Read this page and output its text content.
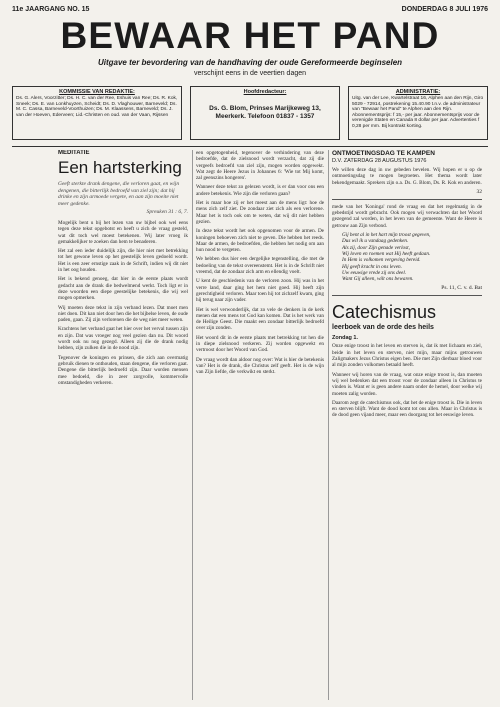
11e JAARGANG NO. 15	DONDERDAG 8 JULI 1976
BEWAAR HET PAND
Uitgave ter bevordering van de handhaving der oude Gereformeerde beginselen
verschijnt eens in de veertien dagen
KOMMISSIE VAN REDAKTIE:
Ds. G. Alers, Voorzitter; Ds. H. C. van der Ree, Eshuis van Ree; Ds. R. Kok, Sneek; Ds. E. van Lonkhuyzen, Scheidt; Ds. D. Vlaghouwer, Barneveld; Ds. M. C. Cassa, Barneveld-Voorthuizen; Ds. M. Klaassens, Barneveld; Ds. J. van der Hoeven, Ederveen; Lid.-Christen en oud. van der Vaan, Rijssen
Hoofdredacteur:
Ds. G. Blom, Prinses Marijkeweg 13, Meerkerk. Telefoon 01837 - 1357
ADMINISTRATIE:
Uitg. van der Lee, Kwartelstraat 16, Alphen aan den Rijn, Giro 5029 - 72914, postrekening 15.40.90 t.n.v. de administrateur van "Bewaar het Pand" te Alphen aan den Rijn. Abonnementsprijs: f 15,- per jaar. Abonnementsprijs voor de verenigde Staten en Canada 8 dollar per jaar. Advertenties f 0,28 per mm. Bij kontrakt korting.
MEDITATIE
Een hartsterking
Geeft sterkte drank dengene, die verloren gaat, en wijn dengenen, die bitterlijk bedroefd van ziel zijn; dat hij drinke en zijn armoede vergete, en aan zijn moeite niet meer gedenke.
Spreuken 31 : 6, 7.

Mogelijk bent u bij het lezen van uw bijbel ook wel eens tegen deze tekst opgebotst en heeft u zich de vraag gesteld, wat dit toch wel moest betekenen. Wij later vroeg ik gemakkelijker te zoeken dan hem te benaderen.

Het zal een ieder duidelijk zijn, die hier niet met betrekking tot het gewone leven op het geestelijk leven gedoeld wordt. Het is een zeer ernstige zaak in de Schrift, indien wij dit niet in het oog houden.

Het is bekend genoeg, dat hier in de eerste plaats wordt gedacht aan de drank die bedwelmend werkt. Toch ligt er in deze woorden een diepe geestelijke betekenis, die wij wel mogen opmerken.

Wij moeten deze tekst in zijn verband lezen. Dat moet men niet doen. Dit kan niet door hen die het bijbelse leven, de oude paden, gaan. Zij zijn verlorenen die de weg niet meer weten.

Krachtens het verband gaat het hier over het verval tussen zijn en zijn. Dat was vroeger nog veel gezien dan nu. Dit woord wordt ook nu nog gezegd. Alleen zij die de drank nodig hebben, zijn zulken die in de nood zijn.

Tegenover de koningen en prinsen, die zich aan overmatig gebruik dienen te onthouden, staan dengene, die verloren gaat. Dengene die bitterlijk bedroefd zijn. Daar worden mensen mee bedoeld, die in zeer zorgvolle, kommervolle omstandigheden verkeren.

een opgetogenheid, tegenover de verhindering van deze bedroefde, dat de zielsnood wordt verzacht, dat zij die vergeefs bedroefd van ziel zijn, mogen worden opgewekt. Wat zegt de Heere Jezus in Johannes 6: 'Wie tot Mij komt, zal geenszins hongeren'.

Wanneer deze tekst zo gelezen wordt, is er dan voor ons een andere betekenis. Wie zijn die verloren gaan?

Het is maar hoe zij er het meest aan de mens ligt: hoe de mens zich zelf ziet. De zondaar ziet zich als een verlorene. Maar het is toch ook om te weten, dat wij dit niet hebben gezien.

In deze tekst wordt het ook opgenomen voor de armen. De koningen behoeven zich niet te geven. Die hebben het reeds. Maar de armen, de bedroefden, die hebben het nodig om aan hun nood te vergeten.

We hebben dus hier een dergelijke tegenstelling, die met de bedoeling van de tekst overeenstemt. Het is in de Schrift niet vreemd, dat de zondaar zich arm en ellendig voelt.

U kent de geschiedenis van de verloren zoon. Hij was in het verre land, daar ging het hem niet goed. Hij heeft zijn gerechtigheid verloren. Maar toen hij tot zichzelf kwam, ging hij terug naar zijn vader.

Het is wel verwonderlijk, dat zo vele de denkers in de kerk menen dat een mens tot God kan komen. Dat is het werk van de Heilige Geest. Die maakt een zondaar bitterlijk bedroefd over zijn zonden.

Het woord dit in de eerste plaats met betrekking tot hen die in diepe zielsnood verkeren. Zij worden opgewekt en vertroost door het Woord van God.

De vraag wordt dan aldoor nog over: Wat is hier de betekenis van? Het is de drank, die Christus zelf geeft. Het is de wijn van Zijn liefde, die verkwikt en sterkt.

ONTMOETINGSDAG TE KAMPEN
D.V. ZATERDAG 28 AUGUSTUS 1976

We willen deze dag in uw gebeden bevelen. Wij hopen er u op de ontmoetingsdag te mogen begroeten. Het thema wordt later bekendgemaakt. Sprekers zijn o.a. Ds. G. Blom, Ds. R. Kok en anderen.

32

mede van het 'Koninga' rond de vraag en dat het regelmatig in de gebedstijd wordt gebracht. Ook mogen wij verwachten dat het Woord gezegend zal worden, in het leven van de gemeente. Want de Heere is getrouw aan Zijn verbond.

Gij bent al in het hart mijn troost gegeven,
Dus wil ik u vandaag gedenken.
Als zij, door Zijn genade verlost,
Wij loven en roemen wat Hij heeft gedaan.
In Hem is volkomen vergeving bereid.
Hij geeft kracht in ons leven.
Uw eeuwige vrede zij ons deel.
Want Gij alleen, wilt ons bewaren.

Ps. 11, C. v. d. Bat

Catechismus
leerboek van de orde des heils
Zondag 1.

Onze enige troost in het leven en sterven is, dat ik met lichaam en ziel, beide in het leven en sterven, niet mijn, maar mijns getrouwen Zaligmakers Jezus Christus eigen ben. Die met Zijn dierbaar bloed voor al mijn zonden volkomen betaald heeft.

Wanneer wij horen van de vraag, wat onze enige troost is, dan moeten wij wel bedenken dat een troost voor de zondaar alleen in Christus te vinden is. Want er is geen andere naam onder de hemel, door welke wij moeten zalig worden.

Daarom zegt de catechismus ook, dat het de enige troost is. Die in leven en sterven blijft. Want de dood komt tot ons allen. Maar in Christus is de dood geen vijand meer, maar een doorgang tot het eeuwige leven.
